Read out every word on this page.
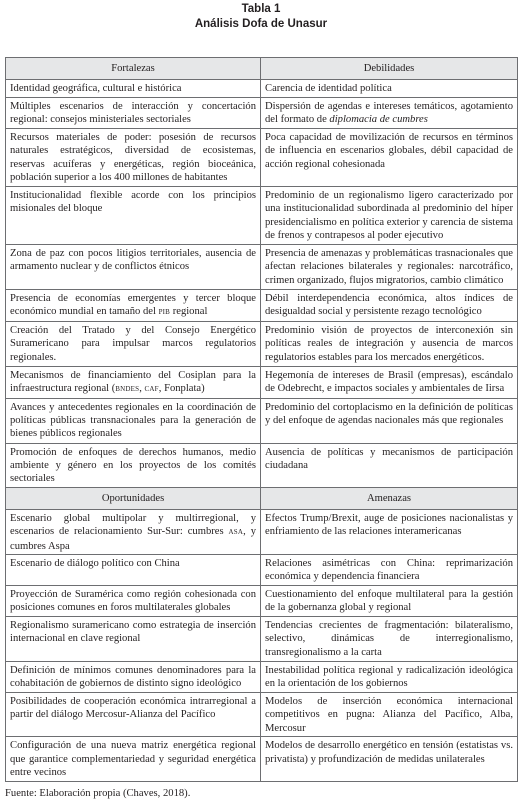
Tabla 1
Análisis Dofa de Unasur
Fortalezas	Debilidades
Identidad geográfica, cultural e histórica	Carencia de identidad política
Múltiples escenarios de interacción y concertación regional: consejos ministeriales sectoriales	Dispersión de agendas e intereses temáticos, agotamiento del formato de diplomacia de cumbres
Recursos materiales de poder: posesión de recursos naturales estratégicos, diversidad de ecosistemas, reservas acuíferas y energéticas, región bioceánica, población superior a los 400 millones de habitantes	Poca capacidad de movilización de recursos en términos de influencia en escenarios globales, débil capacidad de acción regional cohesionada
Institucionalidad flexible acorde con los principios misionales del bloque	Predominio de un regionalismo ligero caracterizado por una institucionalidad subordinada al predominio del híper presidencialismo en política exterior y carencia de sistema de frenos y contrapesos al poder ejecutivo
Zona de paz con pocos litigios territoriales, ausencia de armamento nuclear y de conflictos étnicos	Presencia de amenazas y problemáticas trasnacionales que afectan relaciones bilaterales y regionales: narcotráfico, crimen organizado, flujos migratorios, cambio climático
Presencia de economías emergentes y tercer bloque económico mundial en tamaño del pib regional	Débil interdependencia económica, altos índices de desigualdad social y persistente rezago tecnológico
Creación del Tratado y del Consejo Energético Suramericano para impulsar marcos regulatorios regionales.	Predominio visión de proyectos de interconexión sin políticas reales de integración y ausencia de marcos regulatorios estables para los mercados energéticos.
Mecanismos de financiamiento del Cosiplan para la infraestructura regional (bndes, caf, Fonplata)	Hegemonía de intereses de Brasil (empresas), escándalo de Odebrecht, e impactos sociales y ambientales de Iirsa
Avances y antecedentes regionales en la coordinación de políticas públicas transnacionales para la generación de bienes públicos regionales	Predominio del cortoplacismo en la definición de políticas y del enfoque de agendas nacionales más que regionales
Promoción de enfoques de derechos humanos, medio ambiente y género en los proyectos de los comités sectoriales	Ausencia de políticas y mecanismos de participación ciudadana
Oportunidades	Amenazas
Escenario global multipolar y multirregional, y escenarios de relacionamiento Sur-Sur: cumbres asa, y cumbres Aspa	Efectos Trump/Brexit, auge de posiciones nacionalistas y enfriamiento de las relaciones interamericanas
Escenario de diálogo político con China	Relaciones asimétricas con China: reprimarización económica y dependencia financiera
Proyección de Suramérica como región cohesionada con posiciones comunes en foros multilaterales globales	Cuestionamiento del enfoque multilateral para la gestión de la gobernanza global y regional
Regionalismo suramericano como estrategia de inserción internacional en clave regional	Tendencias crecientes de fragmentación: bilateralismo, selectivo, dinámicas de interregionalismo, transregionalismo a la carta
Definición de mínimos comunes denominadores para la cohabitación de gobiernos de distinto signo ideológico	Inestabilidad política regional y radicalización ideológica en la orientación de los gobiernos
Posibilidades de cooperación económica intrarregional a partir del diálogo Mercosur-Alianza del Pacífico	Modelos de inserción económica internacional competitivos en pugna: Alianza del Pacífico, Alba, Mercosur
Configuración de una nueva matriz energética regional que garantice complementariedad y seguridad energética entre vecinos	Modelos de desarrollo energético en tensión (estatistas vs. privatista) y profundización de medidas unilaterales
Fuente: Elaboración propia (Chaves, 2018).
